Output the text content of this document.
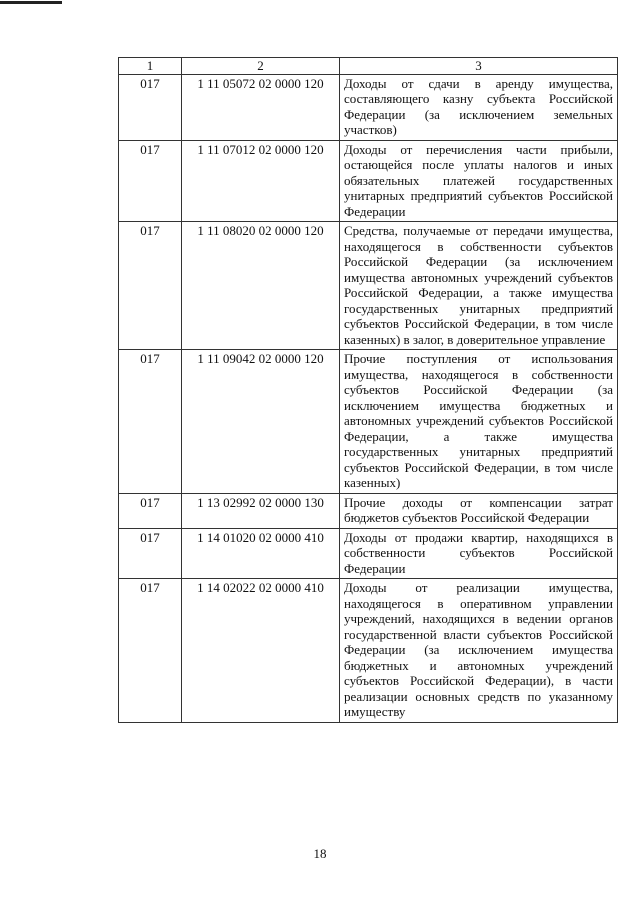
1	2	3
017	1 11 05072 02 0000 120	Доходы от сдачи в аренду имущества, составляющего казну субъекта Российской Федерации (за исключением земельных участков)
017	1 11 07012 02 0000 120	Доходы от перечисления части прибыли, остающейся после уплаты налогов и иных обязательных платежей государственных унитарных предприятий субъектов Российской Федерации
017	1 11 08020 02 0000 120	Средства, получаемые от передачи имущества, находящегося в собственности субъектов Российской Федерации (за исключением имущества автономных учреждений субъектов Российской Федерации, а также имущества государственных унитарных предприятий субъектов Российской Федерации, в том числе казенных) в залог, в доверительное управление
017	1 11 09042 02 0000 120	Прочие поступления от использования имущества, находящегося в собственности субъектов Российской Федерации (за исключением имущества бюджетных и автономных учреждений субъектов Российской Федерации, а также имущества государственных унитарных предприятий субъектов Российской Федерации, в том числе казенных)
017	1 13 02992 02 0000 130	Прочие доходы от компенсации затрат бюджетов субъектов Российской Федерации
017	1 14 01020 02 0000 410	Доходы от продажи квартир, находящихся в собственности субъектов Российской Федерации
017	1 14 02022 02 0000 410	Доходы от реализации имущества, находящегося в оперативном управлении учреждений, находящихся в ведении органов государственной власти субъектов Российской Федерации (за исключением имущества бюджетных и автономных учреждений субъектов Российской Федерации), в части реализации основных средств по указанному имуществу
18
